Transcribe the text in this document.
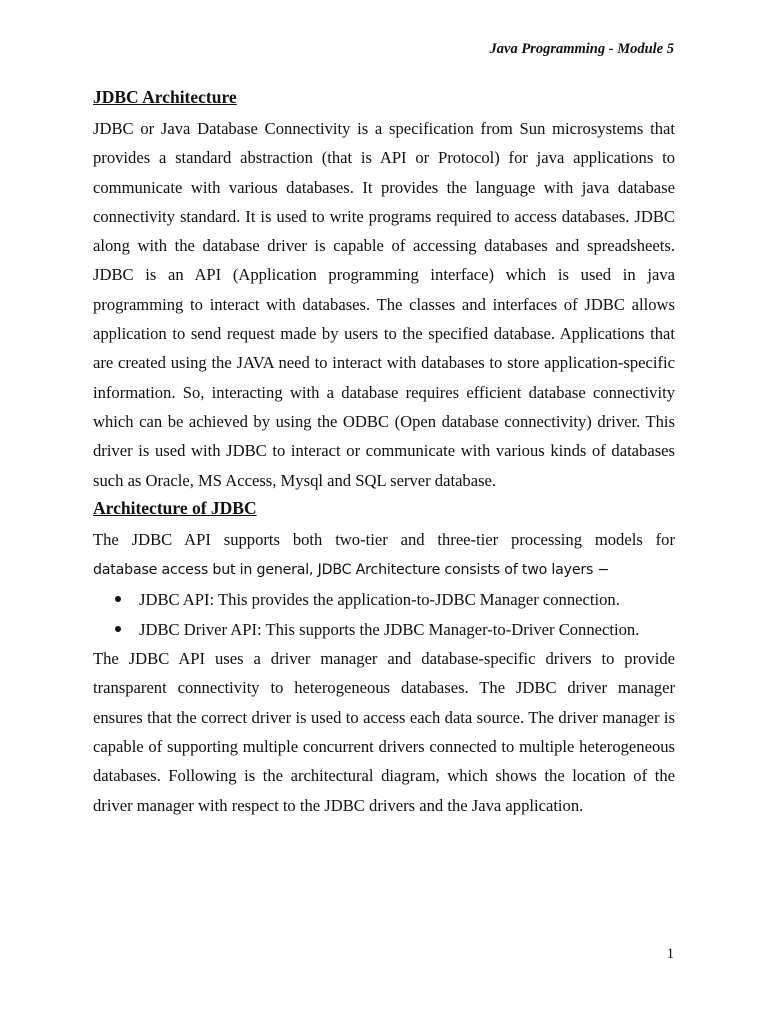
Java Programming - Module 5
JDBC Architecture

JDBC or Java Database Connectivity is a specification from Sun microsystems that provides a standard abstraction (that is API or Protocol) for java applications to communicate with various databases. It provides the language with java database connectivity standard. It is used to write programs required to access databases. JDBC along with the database driver is capable of accessing databases and spreadsheets. JDBC is an API (Application programming interface) which is used in java programming to interact with databases. The classes and interfaces of JDBC allows application to send request made by users to the specified database. Applications that are created using the JAVA need to interact with databases to store application-specific information. So, interacting with a database requires efficient database connectivity which can be achieved by using the ODBC (Open database connectivity) driver. This driver is used with JDBC to interact or communicate with various kinds of databases such as Oracle, MS Access, Mysql and SQL server database.

Architecture of JDBC

The JDBC API supports both two-tier and three-tier processing models for

database access but in general, JDBC Architecture consists of two layers −

JDBC API: This provides the application-to-JDBC Manager connection.
JDBC Driver API: This supports the JDBC Manager-to-Driver Connection.

The JDBC API uses a driver manager and database-specific drivers to provide transparent connectivity to heterogeneous databases. The JDBC driver manager ensures that the correct driver is used to access each data source. The driver manager is capable of supporting multiple concurrent drivers connected to multiple heterogeneous databases. Following is the architectural diagram, which shows the location of the driver manager with respect to the JDBC drivers and the Java application.

1
